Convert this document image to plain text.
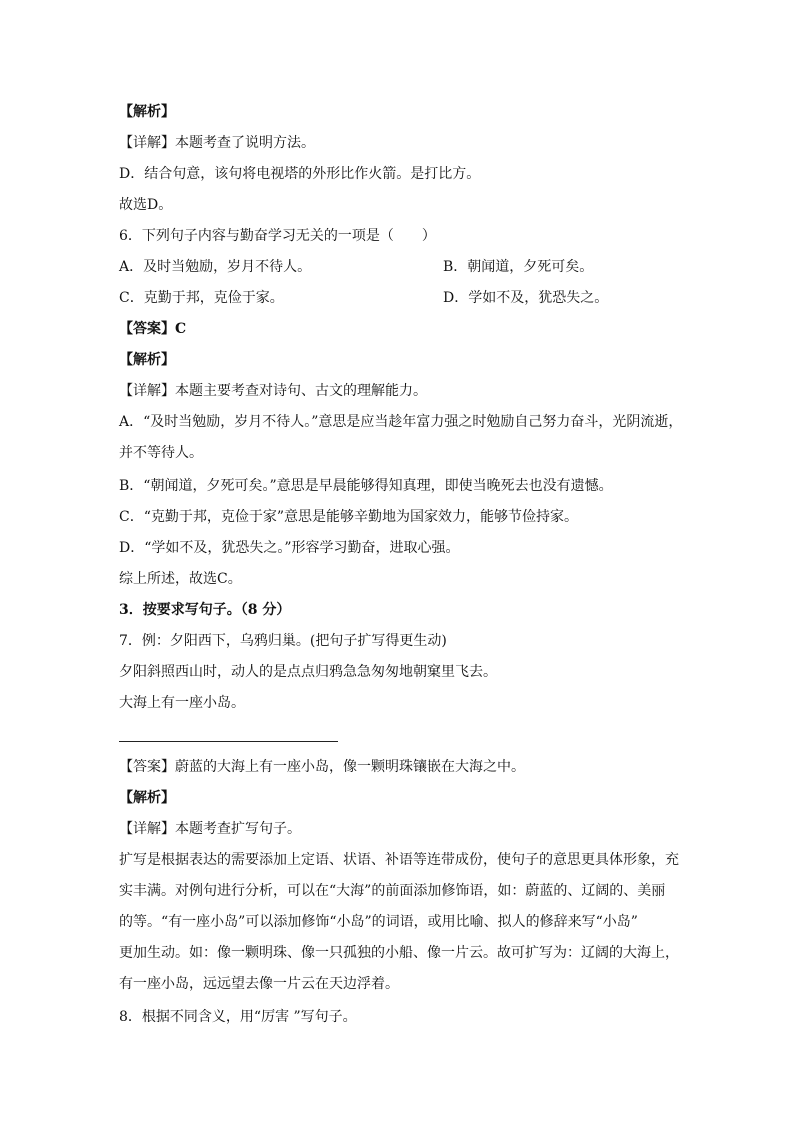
【解析】
【详解】本题考查了说明方法。
D．结合句意，该句将电视塔的外形比作火箭。是打比方。
故选D。
6．下列句子内容与勤奋学习无关的一项是（　　）
A．及时当勉励，岁月不待人。	B．朝闻道，夕死可矣。
C．克勤于邦，克俭于家。	D．学如不及，犹恐失之。
【答案】C
【解析】
【详解】本题主要考查对诗句、古文的理解能力。
A．“及时当勉励，岁月不待人。”意思是应当趁年富力强之时勉励自己努力奋斗，光阴流逝，
并不等待人。
B．“朝闻道，夕死可矣。”意思是早晨能够得知真理，即使当晚死去也没有遗憾。
C．“克勤于邦，克俭于家”意思是能够辛勤地为国家效力，能够节俭持家。
D．“学如不及，犹恐失之。”形容学习勤奋，进取心强。
综上所述，故选C。
3．按要求写句子。（8 分）
7．例：夕阳西下，乌鸦归巢。(把句子扩写得更生动)
夕阳斜照西山时，动人的是点点归鸦急急匆匆地朝窠里飞去。
大海上有一座小岛。
【答案】蔚蓝的大海上有一座小岛，像一颗明珠镶嵌在大海之中。
【解析】
【详解】本题考查扩写句子。
扩写是根据表达的需要添加上定语、状语、补语等连带成份，使句子的意思更具体形象，充
实丰满。对例句进行分析，可以在“大海”的前面添加修饰语，如：蔚蓝的、辽阔的、美丽
的等。“有一座小岛”可以添加修饰“小岛”的词语，或用比喻、拟人的修辞来写“小岛”
更加生动。如：像一颗明珠、像一只孤独的小船、像一片云。故可扩写为：辽阔的大海上，
有一座小岛，远远望去像一片云在天边浮着。
8．根据不同含义，用“厉害 ”写句子。
